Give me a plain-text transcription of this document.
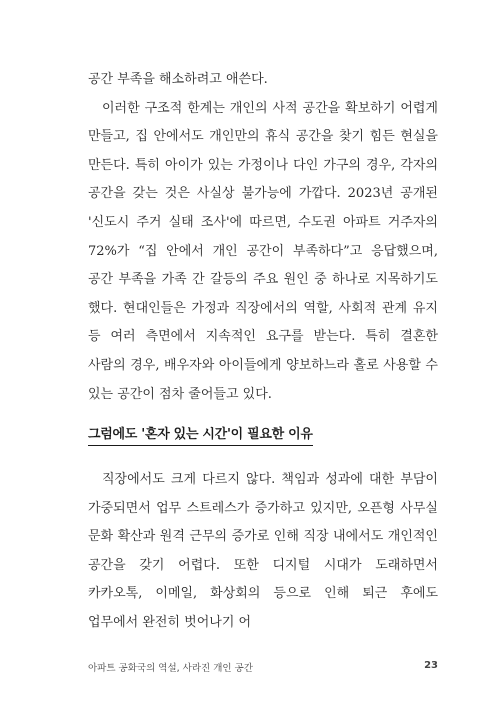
공간 부족을 해소하려고 애쓴다.

이러한 구조적 한계는 개인의 사적 공간을 확보하기 어렵게 만들고, 집 안에서도 개인만의 휴식 공간을 찾기 힘든 현실을 만든다. 특히 아이가 있는 가정이나 다인 가구의 경우, 각자의 공간을 갖는 것은 사실상 불가능에 가깝다. 2023년 공개된 '신도시 주거 실태 조사'에 따르면, 수도권 아파트 거주자의 72%가 “집 안에서 개인 공간이 부족하다”고 응답했으며, 공간 부족을 가족 간 갈등의 주요 원인 중 하나로 지목하기도 했다. 현대인들은 가정과 직장에서의 역할, 사회적 관계 유지 등 여러 측면에서 지속적인 요구를 받는다. 특히 결혼한 사람의 경우, 배우자와 아이들에게 양보하느라 홀로 사용할 수 있는 공간이 점차 줄어들고 있다.

그럼에도 '혼자 있는 시간'이 필요한 이유

직장에서도 크게 다르지 않다. 책임과 성과에 대한 부담이 가중되면서 업무 스트레스가 증가하고 있지만, 오픈형 사무실 문화 확산과 원격 근무의 증가로 인해 직장 내에서도 개인적인 공간을 갖기 어렵다. 또한 디지털 시대가 도래하면서 카카오톡, 이메일, 화상회의 등으로 인해 퇴근 후에도 업무에서 완전히 벗어나기 어

아파트 공화국의 역설, 사라진 개인 공간	23
